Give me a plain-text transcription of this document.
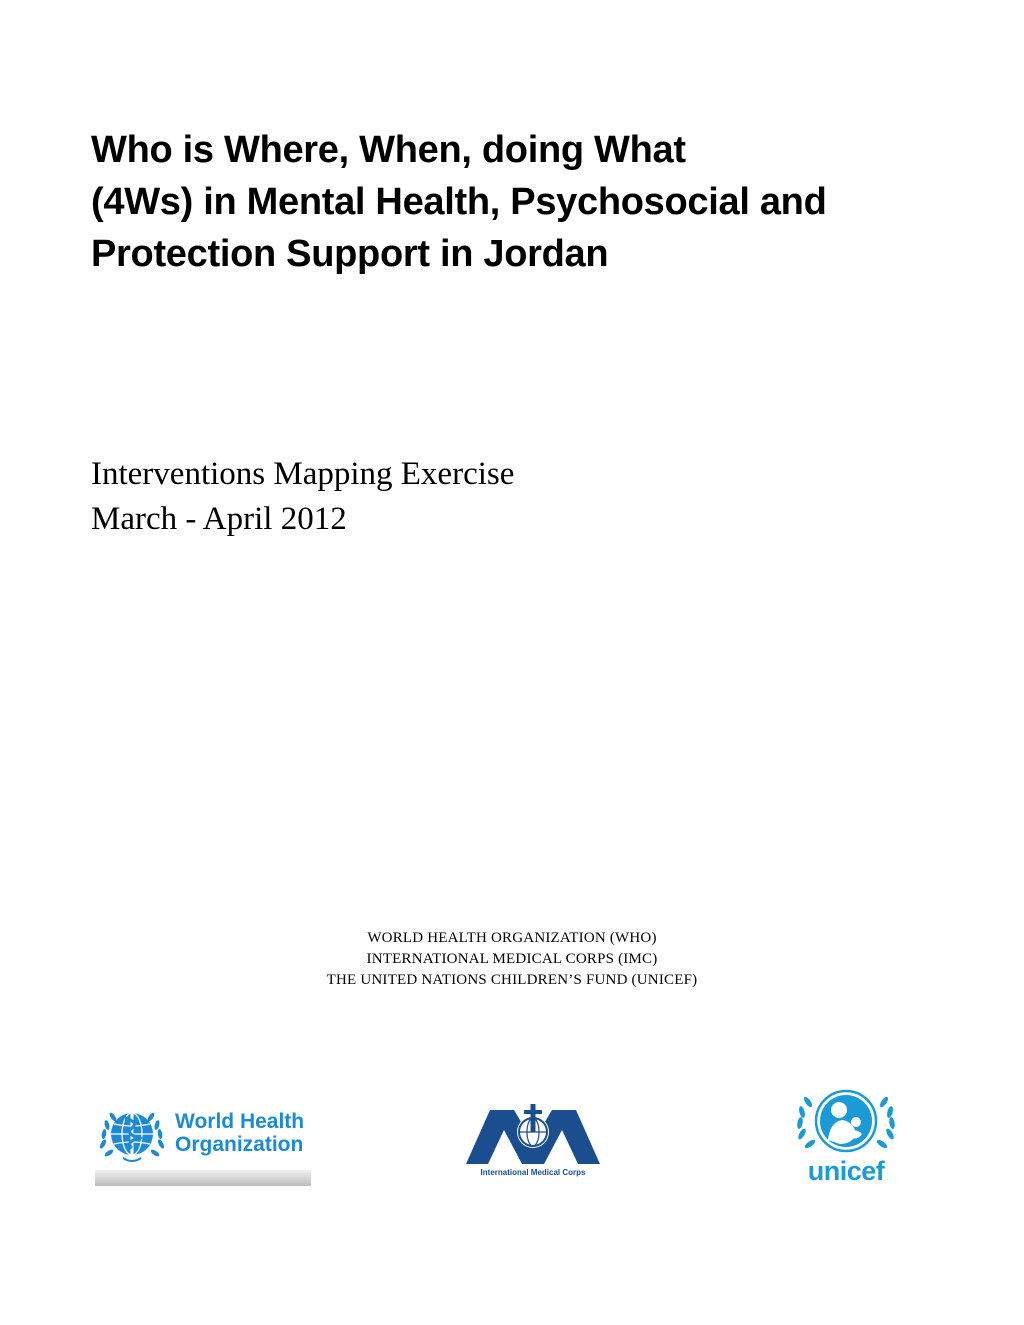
Who is Where, When, doing What
(4Ws) in Mental Health, Psychosocial and
Protection Support in Jordan
Interventions Mapping Exercise
March - April 2012
WORLD HEALTH ORGANIZATION (WHO)
INTERNATIONAL MEDICAL CORPS (IMC)
THE UNITED NATIONS CHILDREN’S FUND (UNICEF)
World Health
Organization
International Medical Corps	unicef
